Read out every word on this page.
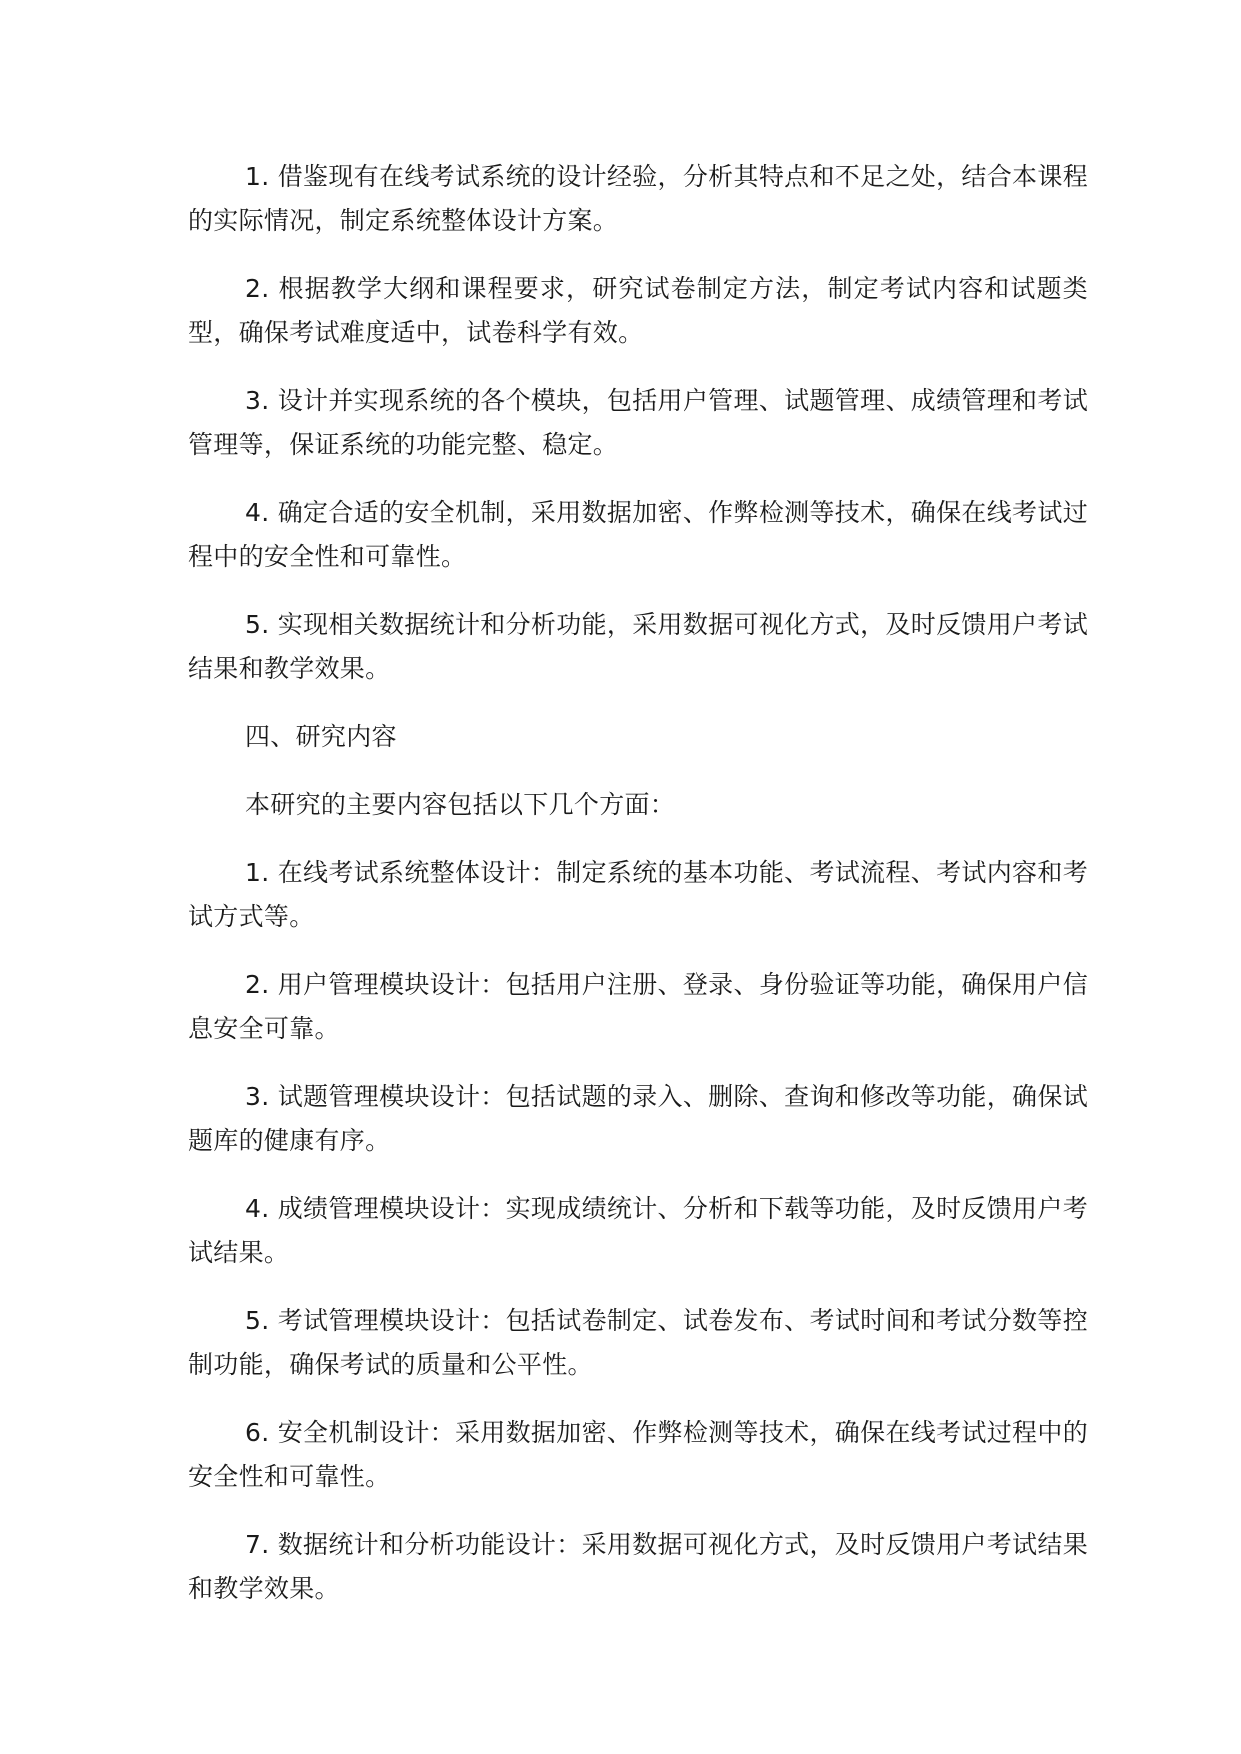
1. 借鉴现有在线考试系统的设计经验，分析其特点和不足之处，结合本课程的实际情况，制定系统整体设计方案。

2. 根据教学大纲和课程要求，研究试卷制定方法，制定考试内容和试题类型，确保考试难度适中，试卷科学有效。

3. 设计并实现系统的各个模块，包括用户管理、试题管理、成绩管理和考试管理等，保证系统的功能完整、稳定。

4. 确定合适的安全机制，采用数据加密、作弊检测等技术，确保在线考试过程中的安全性和可靠性。

5. 实现相关数据统计和分析功能，采用数据可视化方式，及时反馈用户考试结果和教学效果。

四、研究内容

本研究的主要内容包括以下几个方面：

1. 在线考试系统整体设计：制定系统的基本功能、考试流程、考试内容和考试方式等。

2. 用户管理模块设计：包括用户注册、登录、身份验证等功能，确保用户信息安全可靠。

3. 试题管理模块设计：包括试题的录入、删除、查询和修改等功能，确保试题库的健康有序。

4. 成绩管理模块设计：实现成绩统计、分析和下载等功能，及时反馈用户考试结果。

5. 考试管理模块设计：包括试卷制定、试卷发布、考试时间和考试分数等控制功能，确保考试的质量和公平性。

6. 安全机制设计：采用数据加密、作弊检测等技术，确保在线考试过程中的安全性和可靠性。

7. 数据统计和分析功能设计：采用数据可视化方式，及时反馈用户考试结果和教学效果。
